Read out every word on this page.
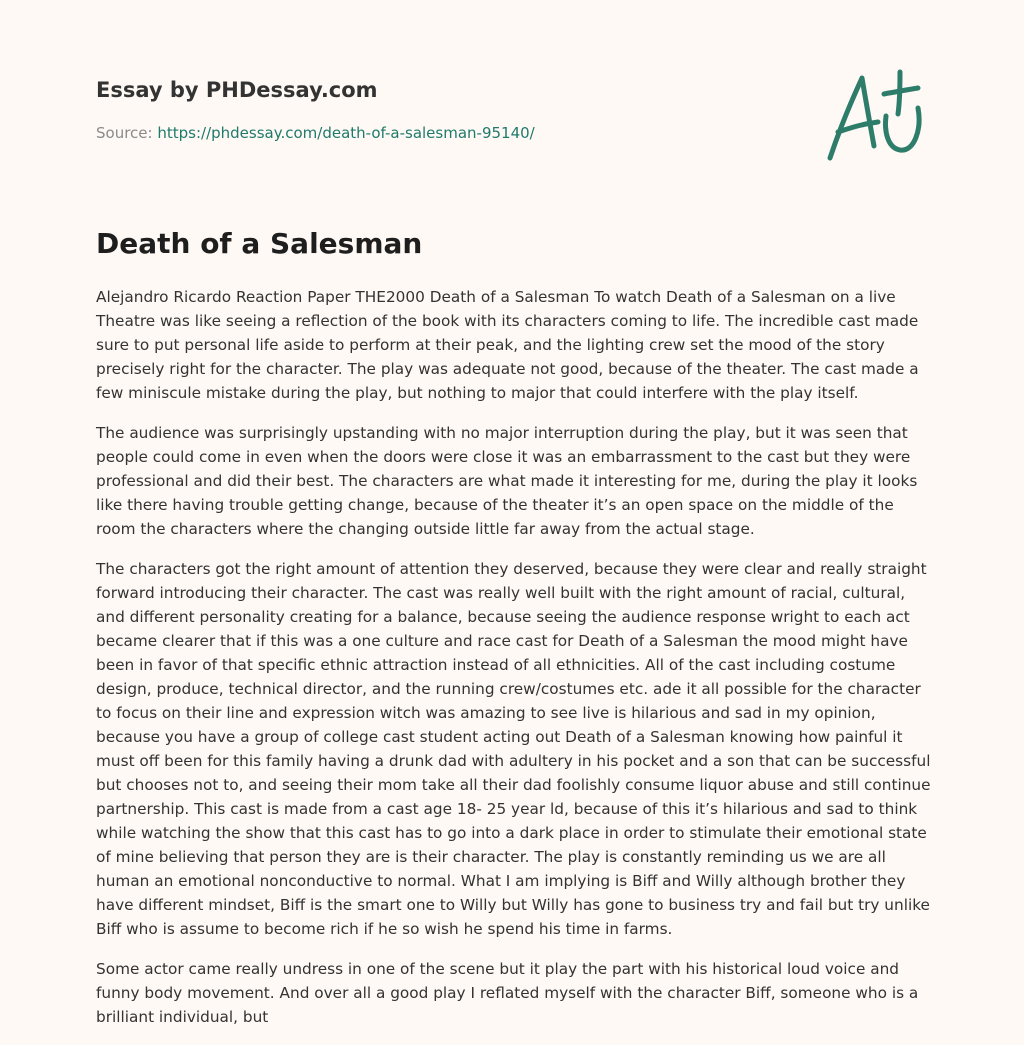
Essay by PHDessay.com

Source: https://phdessay.com/death-of-a-salesman-95140/

Death of a Salesman

Alejandro Ricardo Reaction Paper THE2000 Death of a Salesman To watch Death of a Salesman on a live Theatre was like seeing a reflection of the book with its characters coming to life. The incredible cast made sure to put personal life aside to perform at their peak, and the lighting crew set the mood of the story precisely right for the character. The play was adequate not good, because of the theater. The cast made a few miniscule mistake during the play, but nothing to major that could interfere with the play itself.

The audience was surprisingly upstanding with no major interruption during the play, but it was seen that people could come in even when the doors were close it was an embarrassment to the cast but they were professional and did their best. The characters are what made it interesting for me, during the play it looks like there having trouble getting change, because of the theater it’s an open space on the middle of the room the characters where the changing outside little far away from the actual stage.

The characters got the right amount of attention they deserved, because they were clear and really straight forward introducing their character. The cast was really well built with the right amount of racial, cultural, and different personality creating for a balance, because seeing the audience response wright to each act became clearer that if this was a one culture and race cast for Death of a Salesman the mood might have been in favor of that specific ethnic attraction instead of all ethnicities. All of the cast including costume design, produce, technical director, and the running crew/costumes etc. ade it all possible for the character to focus on their line and expression witch was amazing to see live is hilarious and sad in my opinion, because you have a group of college cast student acting out Death of a Salesman knowing how painful it must off been for this family having a drunk dad with adultery in his pocket and a son that can be successful but chooses not to, and seeing their mom take all their dad foolishly consume liquor abuse and still continue partnership. This cast is made from a cast age 18- 25 year ld, because of this it’s hilarious and sad to think while watching the show that this cast has to go into a dark place in order to stimulate their emotional state of mine believing that person they are is their character. The play is constantly reminding us we are all human an emotional nonconductive to normal. What I am implying is Biff and Willy although brother they have different mindset, Biff is the smart one to Willy but Willy has gone to business try and fail but try unlike Biff who is assume to become rich if he so wish he spend his time in farms.

Some actor came really undress in one of the scene but it play the part with his historical loud voice and funny body movement. And over all a good play I reflated myself with the character Biff, someone who is a brilliant individual, but
